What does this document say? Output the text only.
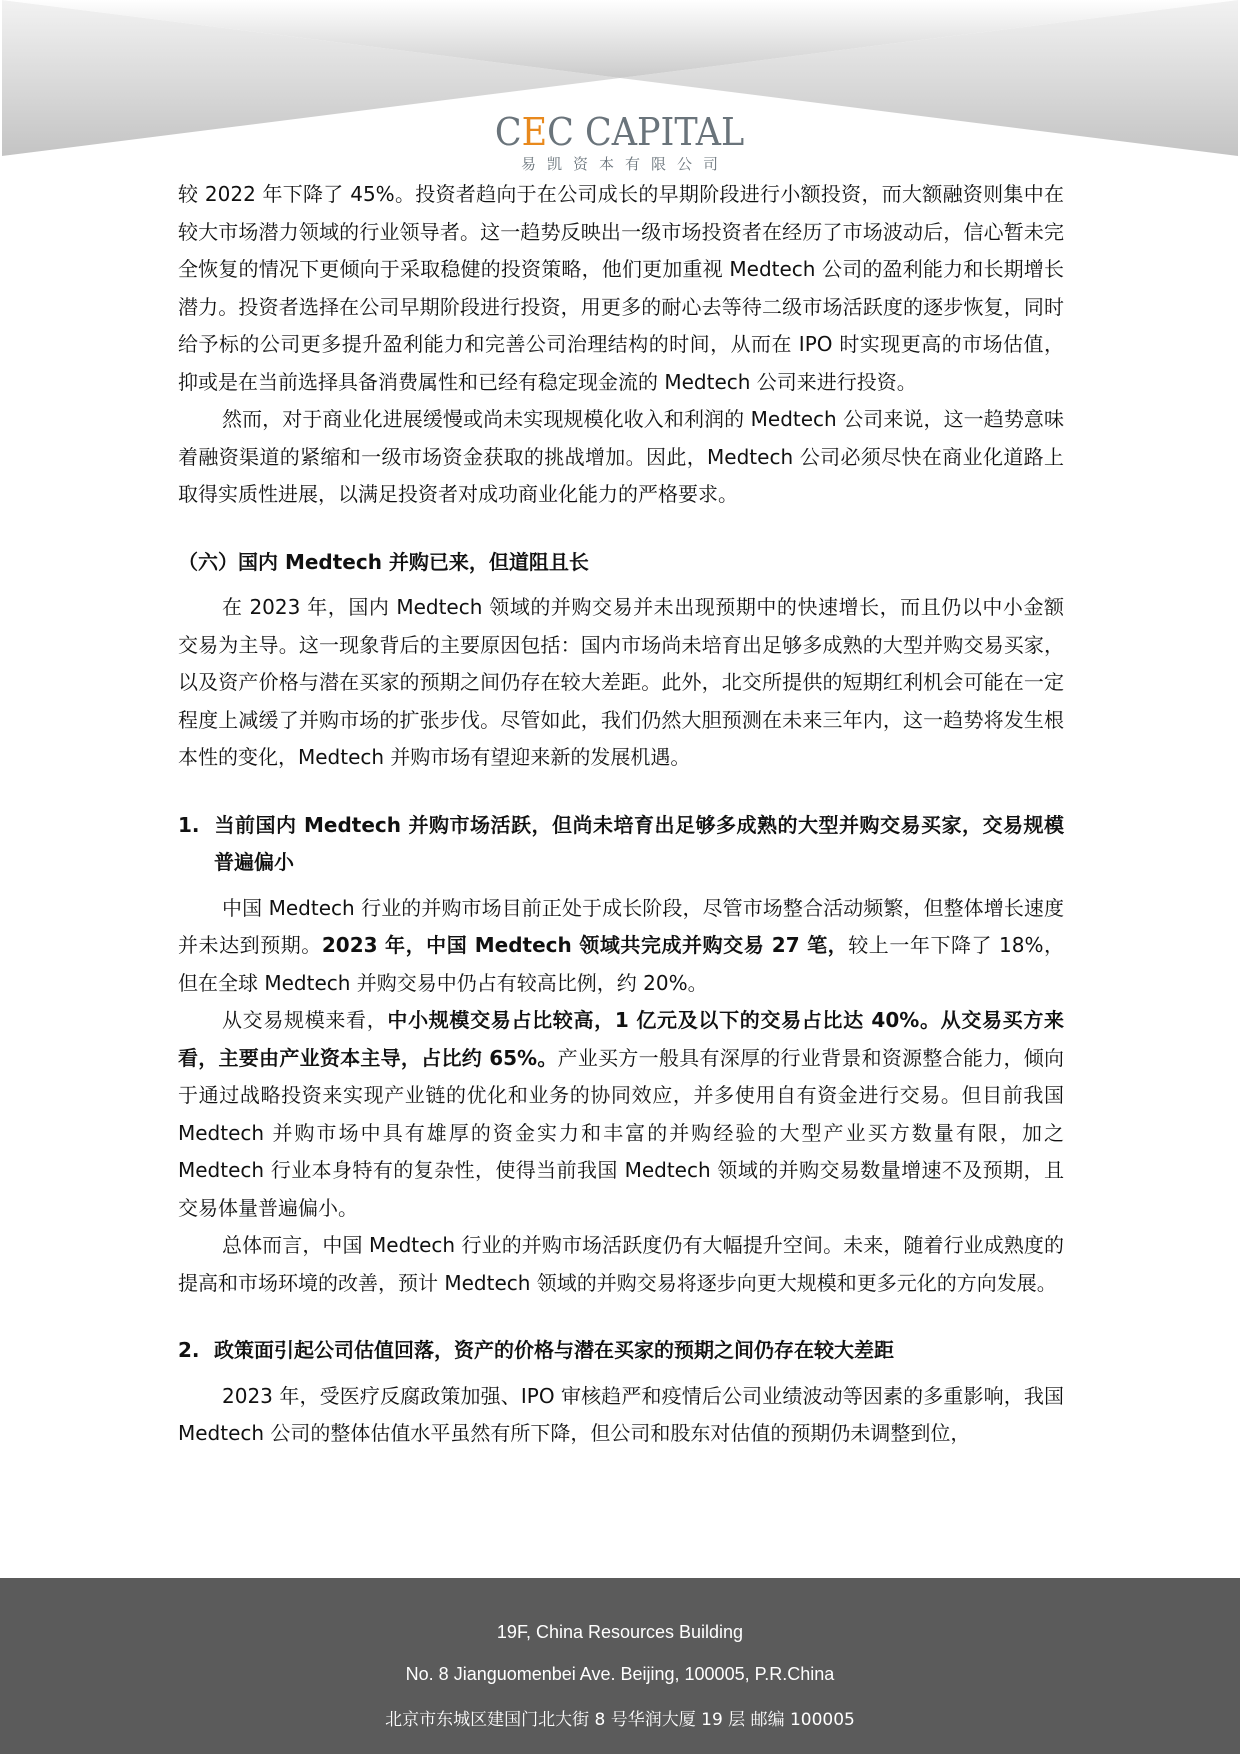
CEC CAPITAL
易凯资本有限公司

较 2022 年下降了 45%。投资者趋向于在公司成长的早期阶段进行小额投资，而大额融资则集中在较大市场潜力领域的行业领导者。这一趋势反映出一级市场投资者在经历了市场波动后，信心暂未完全恢复的情况下更倾向于采取稳健的投资策略，他们更加重视 Medtech 公司的盈利能力和长期增长潜力。投资者选择在公司早期阶段进行投资，用更多的耐心去等待二级市场活跃度的逐步恢复，同时给予标的公司更多提升盈利能力和完善公司治理结构的时间，从而在 IPO 时实现更高的市场估值，抑或是在当前选择具备消费属性和已经有稳定现金流的 Medtech 公司来进行投资。

然而，对于商业化进展缓慢或尚未实现规模化收入和利润的 Medtech 公司来说，这一趋势意味着融资渠道的紧缩和一级市场资金获取的挑战增加。因此，Medtech 公司必须尽快在商业化道路上取得实质性进展，以满足投资者对成功商业化能力的严格要求。

（六）国内 Medtech 并购已来，但道阻且长

在 2023 年，国内 Medtech 领域的并购交易并未出现预期中的快速增长，而且仍以中小金额交易为主导。这一现象背后的主要原因包括：国内市场尚未培育出足够多成熟的大型并购交易买家，以及资产价格与潜在买家的预期之间仍存在较大差距。此外，北交所提供的短期红利机会可能在一定程度上减缓了并购市场的扩张步伐。尽管如此，我们仍然大胆预测在未来三年内，这一趋势将发生根本性的变化，Medtech 并购市场有望迎来新的发展机遇。

1. 当前国内 Medtech 并购市场活跃，但尚未培育出足够多成熟的大型并购交易买家，交易规模普遍偏小

中国 Medtech 行业的并购市场目前正处于成长阶段，尽管市场整合活动频繁，但整体增长速度并未达到预期。2023 年，中国 Medtech 领域共完成并购交易 27 笔，较上一年下降了 18%，但在全球 Medtech 并购交易中仍占有较高比例，约 20%。

从交易规模来看，中小规模交易占比较高，1 亿元及以下的交易占比达 40%。从交易买方来看，主要由产业资本主导，占比约 65%。产业买方一般具有深厚的行业背景和资源整合能力，倾向于通过战略投资来实现产业链的优化和业务的协同效应，并多使用自有资金进行交易。但目前我国 Medtech 并购市场中具有雄厚的资金实力和丰富的并购经验的大型产业买方数量有限，加之 Medtech 行业本身特有的复杂性，使得当前我国 Medtech 领域的并购交易数量增速不及预期，且交易体量普遍偏小。

总体而言，中国 Medtech 行业的并购市场活跃度仍有大幅提升空间。未来，随着行业成熟度的提高和市场环境的改善，预计 Medtech 领域的并购交易将逐步向更大规模和更多元化的方向发展。

2. 政策面引起公司估值回落，资产的价格与潜在买家的预期之间仍存在较大差距

2023 年，受医疗反腐政策加强、IPO 审核趋严和疫情后公司业绩波动等因素的多重影响，我国 Medtech 公司的整体估值水平虽然有所下降，但公司和股东对估值的预期仍未调整到位，

19F, China Resources Building
No. 8 Jianguomenbei Ave. Beijing, 100005, P.R.China
北京市东城区建国门北大街 8 号华润大厦 19 层 邮编 100005
